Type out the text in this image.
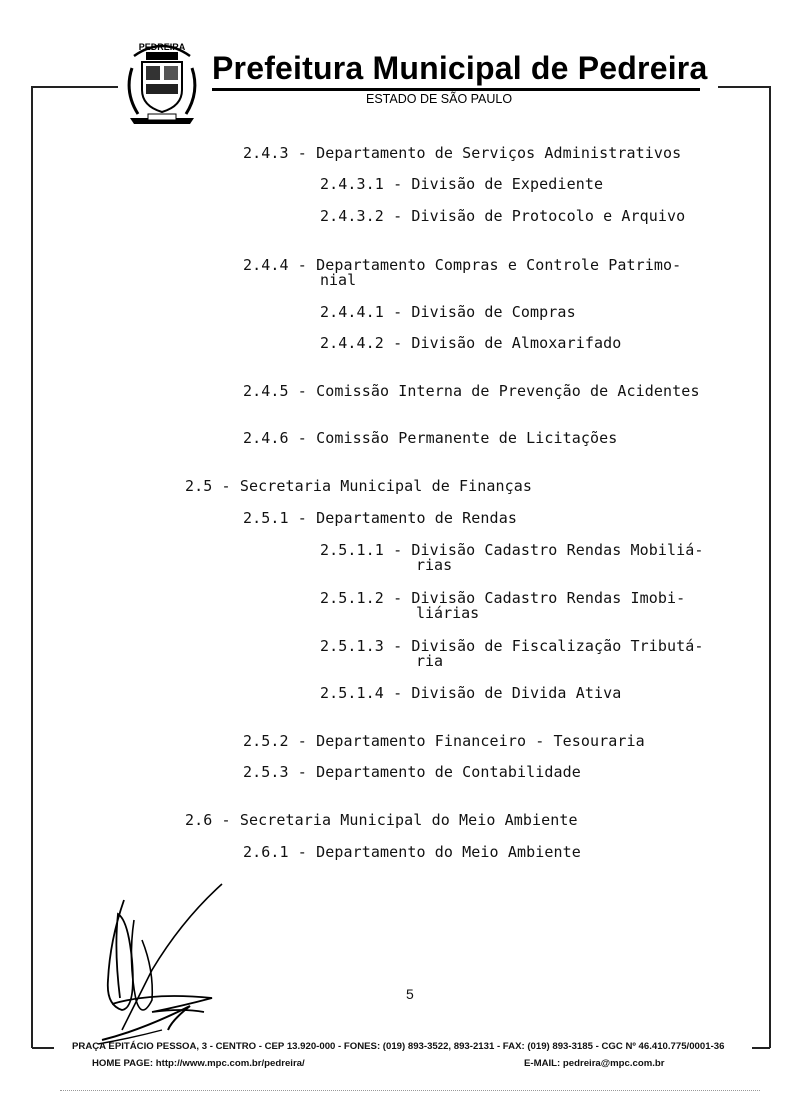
PEDREIRA
Prefeitura Municipal de Pedreira
ESTADO DE SÃO PAULO
2.4.3 - Departamento de Serviços Administrativos
2.4.3.1 - Divisão de Expediente
2.4.3.2 - Divisão de Protocolo e Arquivo
2.4.4 - Departamento Compras e Controle Patrimo-
nial
2.4.4.1 - Divisão de Compras
2.4.4.2 - Divisão de Almoxarifado
2.4.5 - Comissão Interna de Prevenção de Acidentes
2.4.6 - Comissão Permanente de Licitações
2.5 - Secretaria Municipal de Finanças
2.5.1 - Departamento de Rendas
2.5.1.1 - Divisão Cadastro Rendas Mobiliá-
rias
2.5.1.2 - Divisão Cadastro Rendas Imobi-
liárias
2.5.1.3 - Divisão de Fiscalização Tributá-
ria
2.5.1.4 - Divisão de Divida Ativa
2.5.2 - Departamento Financeiro - Tesouraria
2.5.3 - Departamento de Contabilidade
2.6 - Secretaria Municipal do Meio Ambiente
2.6.1 - Departamento do Meio Ambiente
5
PRAÇA EPITÁCIO PESSOA, 3 - CENTRO - CEP 13.920-000 - FONES: (019) 893-3522, 893-2131 - FAX: (019) 893-3185 - CGC Nº 46.410.775/0001-36
HOME PAGE: http://www.mpc.com.br/pedreira/	E-MAIL: pedreira@mpc.com.br
